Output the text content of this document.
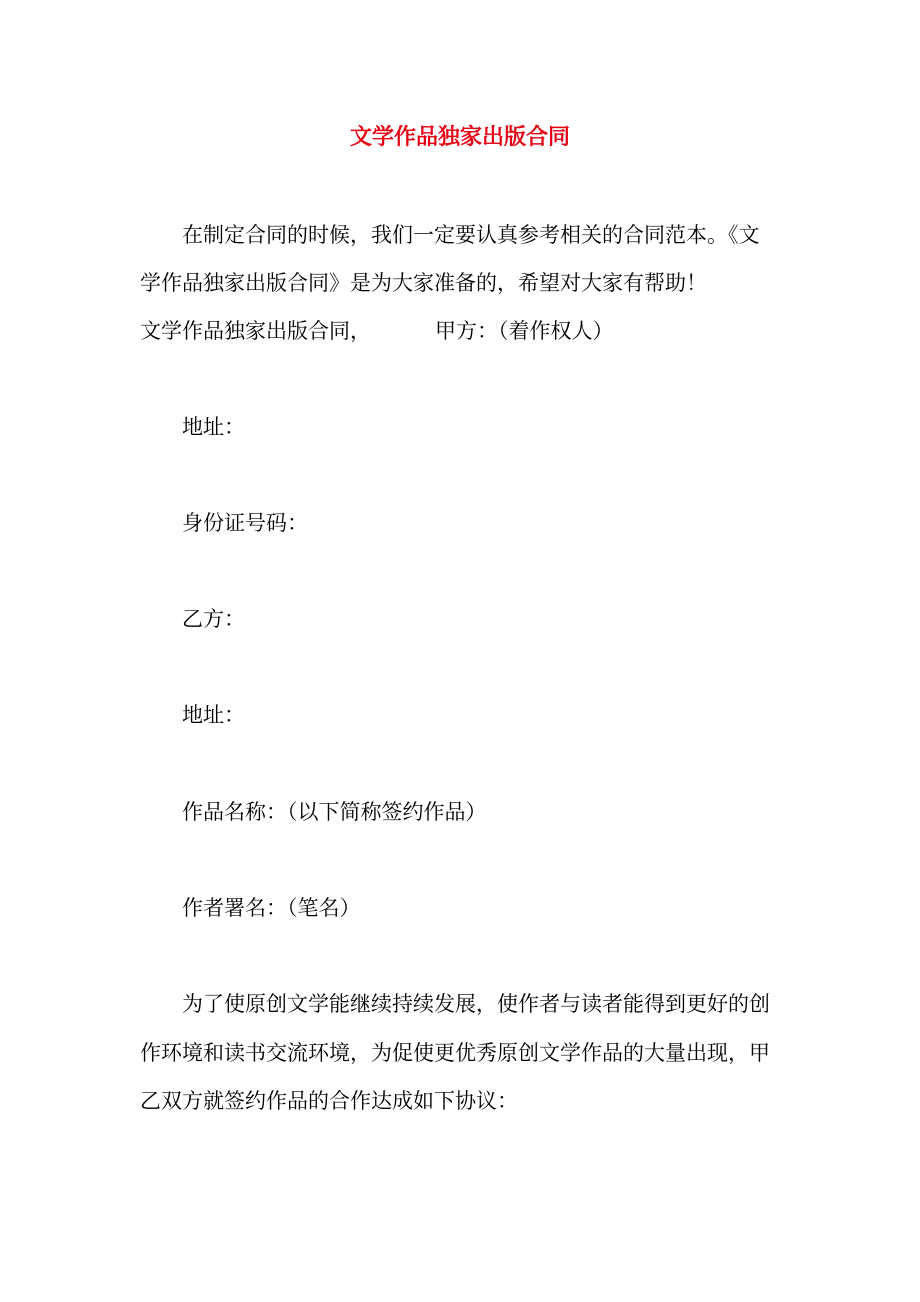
文学作品独家出版合同
在制定合同的时候，我们一定要认真参考相关的合同范本。《文
学作品独家出版合同》是为大家准备的，希望对大家有帮助！
文学作品独家出版合同，	甲方：（着作权人）
地址：
身份证号码：
乙方：
地址：
作品名称：（以下简称签约作品）
作者署名：（笔名）
为了使原创文学能继续持续发展，使作者与读者能得到更好的创
作环境和读书交流环境，为促使更优秀原创文学作品的大量出现，甲
乙双方就签约作品的合作达成如下协议：
